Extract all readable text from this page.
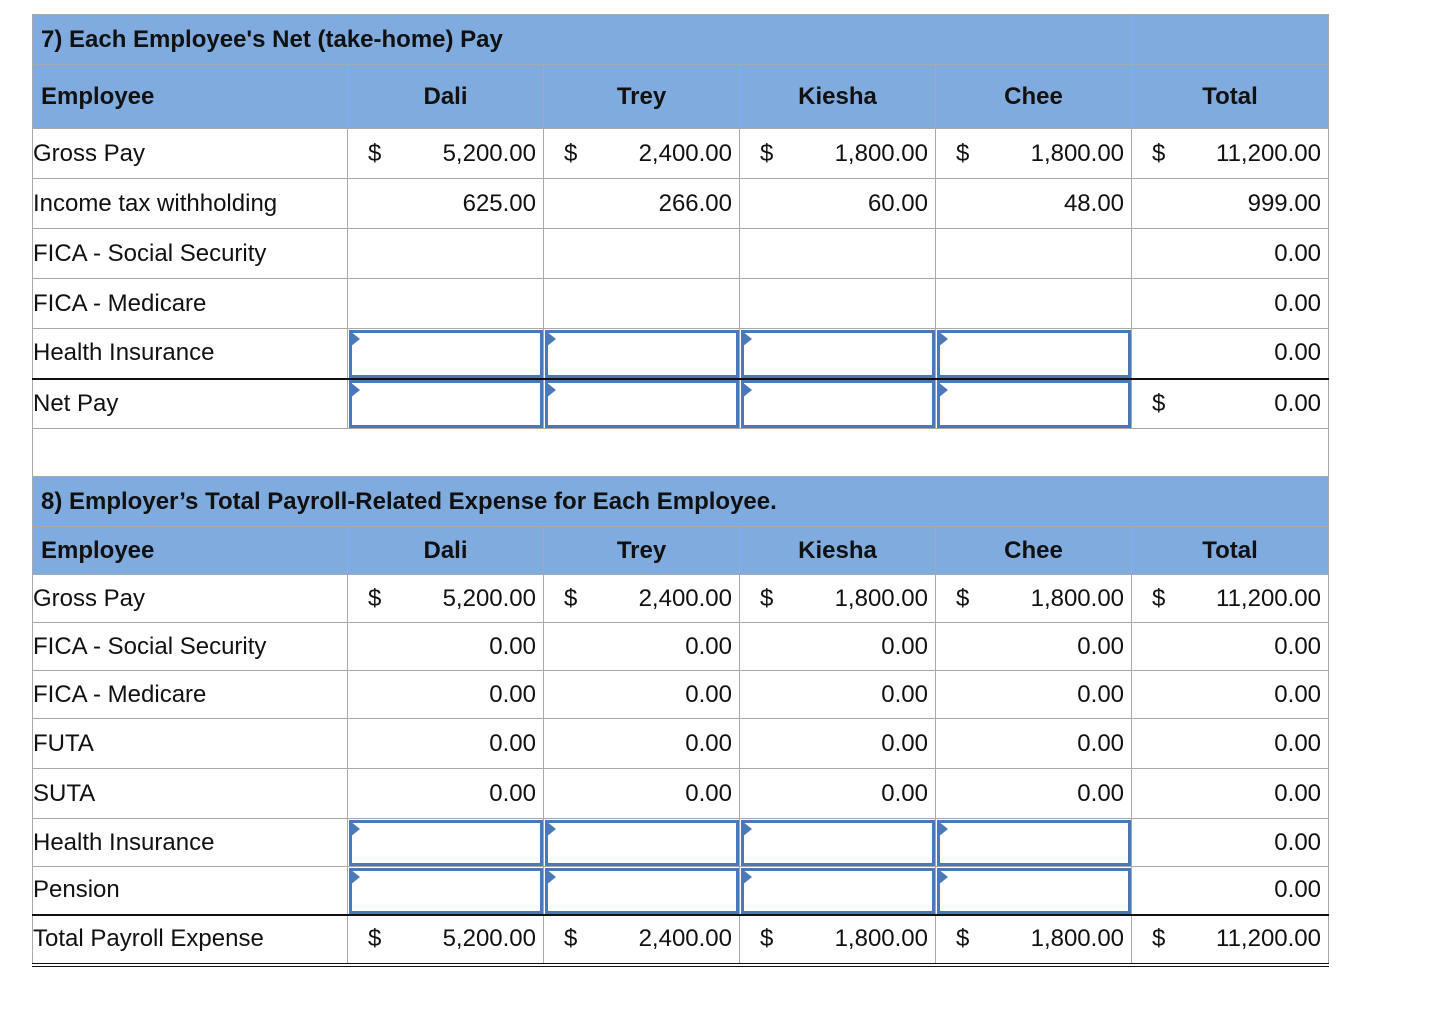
7) Each Employee's Net (take-home) Pay					
Employee	Dali	Trey	Kiesha	Chee	Total
Gross Pay	$ 5,200.00	$ 2,400.00	$ 1,800.00	$ 1,800.00	$ 11,200.00

Income tax withholding	625.00	266.00	60.00	48.00	999.00
FICA - Social Security					0.00
FICA - Medicare					0.00
Health Insurance					0.00
Net Pay					$ 0.00

8) Employer’s Total Payroll-Related Expense for Each Employee.					
Employee	Dali	Trey	Kiesha	Chee	Total
Gross Pay	$ 5,200.00	$ 2,400.00	$ 1,800.00	$ 1,800.00	$ 11,200.00

FICA - Social Security	0.00	0.00	0.00	0.00	0.00
FICA - Medicare	0.00	0.00	0.00	0.00	0.00
FUTA	0.00	0.00	0.00	0.00	0.00
SUTA	0.00	0.00	0.00	0.00	0.00
Health Insurance					0.00
Pension					0.00
Total Payroll Expense	$ 5,200.00	$ 2,400.00	$ 1,800.00	$ 1,800.00	$ 11,200.00
